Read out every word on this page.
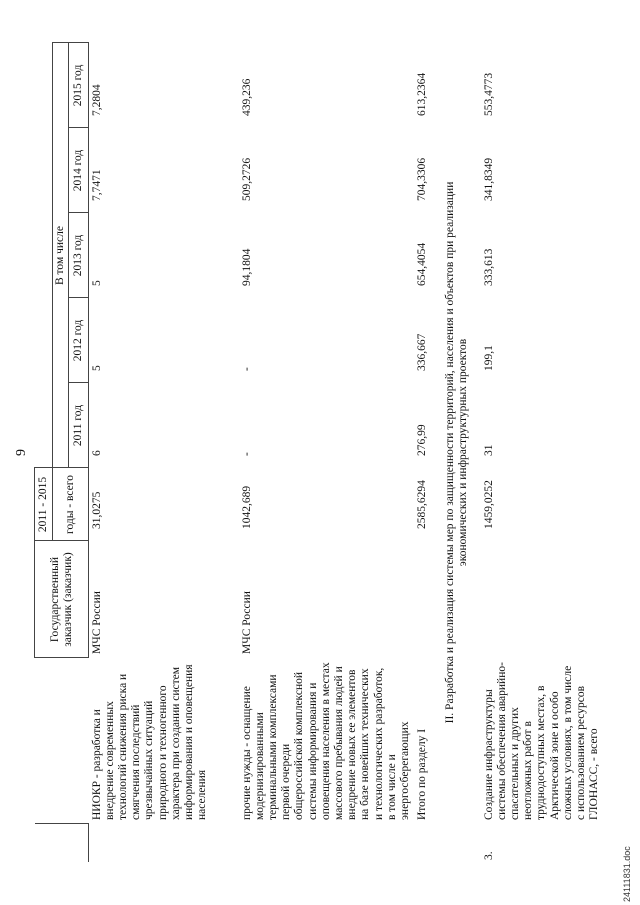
9
		Государственный заказчик (заказчик)	2011 - 2015					
			годы - всего	В том числе				
				2011 год	2012 год	2013 год	2014 год	2015 год
	НИОКР - разработка и внедрение современных технологий снижения риска и смягчения последствий чрезвычайных ситуаций природного и техногенного характера при создании систем информирования и оповещения населения	МЧС России	31,0275	6	5	5	7,7471	7,2804
	прочие нужды - оснащение модернизированными терминальными комплексами первой очереди общероссийской комплексной системы информирования и оповещения населения в местах массового пребывания людей и внедрение новых ее элементов на базе новейших технических и технологических разработок, в том числе и энергосберегающих	МЧС России	1042,689	-	-	94,1804	509,2726	439,236
	Итого по разделу I		2585,6294	276,99	336,667	654,4054	704,3306	613,2364
II. Разработка и реализация системы мер по защищенности территорий, населения и объектов при реализации экономических и инфраструктурных проектов								
3.	Создание инфраструктуры системы обеспечения аварийно-спасательных и других неотложных работ в труднодоступных местах, в Арктической зоне и особо сложных условиях, в том числе с использованием ресурсов ГЛОНАСС, - всего		1459,0252	31	199,1	333,613	341,8349	553,4773
24111831.doc
